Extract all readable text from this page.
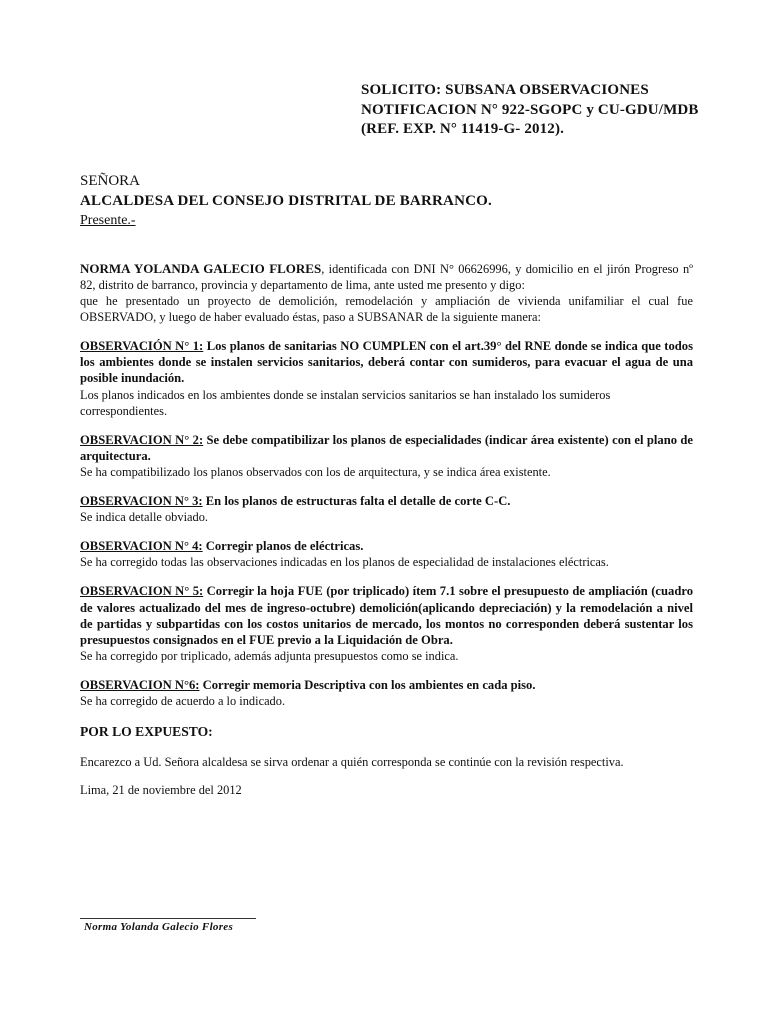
SOLICITO: SUBSANA OBSERVACIONES
NOTIFICACION N° 922-SGOPC y CU-GDU/MDB
(REF. EXP. N° 11419-G- 2012).
SEÑORA
ALCALDESA DEL CONSEJO DISTRITAL DE BARRANCO.
Presente.-
NORMA YOLANDA GALECIO FLORES, identificada con DNI N° 06626996, y domicilio en el jirón Progreso nº 82, distrito de barranco, provincia y departamento de lima, ante usted me presento y digo:
que he presentado un proyecto de demolición, remodelación y ampliación de vivienda unifamiliar el cual fue OBSERVADO, y luego de haber evaluado éstas, paso a SUBSANAR de la siguiente manera:
OBSERVACIÓN N° 1: Los planos de sanitarias NO CUMPLEN con el art.39° del RNE donde se indica que todos los ambientes donde se instalen servicios sanitarios, deberá contar con sumideros, para evacuar el agua de una posible inundación.
Los planos indicados en los ambientes donde se instalan servicios sanitarios se han instalado los sumideros correspondientes.
OBSERVACION N° 2: Se debe compatibilizar los planos de especialidades (indicar área existente) con el plano de arquitectura.
Se ha compatibilizado los planos observados con los de arquitectura, y se indica área existente.
OBSERVACION N° 3: En los planos de estructuras falta el detalle de corte C-C.
Se indica detalle obviado.
OBSERVACION N° 4: Corregir planos de eléctricas.
Se ha corregido todas las observaciones indicadas en los planos de especialidad de instalaciones eléctricas.
OBSERVACION N° 5: Corregir la hoja FUE (por triplicado) ítem 7.1 sobre el presupuesto de ampliación (cuadro de valores actualizado del mes de ingreso-octubre) demolición(aplicando depreciación) y la remodelación a nivel de partidas y subpartidas con los costos unitarios de mercado, los montos no corresponden deberá sustentar los presupuestos consignados en el FUE previo a la Liquidación de Obra.
Se ha corregido por triplicado, además adjunta presupuestos como se indica.
OBSERVACION N°6: Corregir memoria Descriptiva con los ambientes en cada piso.
Se ha corregido de acuerdo a lo indicado.
POR LO EXPUESTO:
Encarezco a Ud. Señora alcaldesa se sirva ordenar a quién corresponda se continúe con la revisión respectiva.
Lima, 21 de noviembre del 2012
Norma Yolanda Galecio Flores
